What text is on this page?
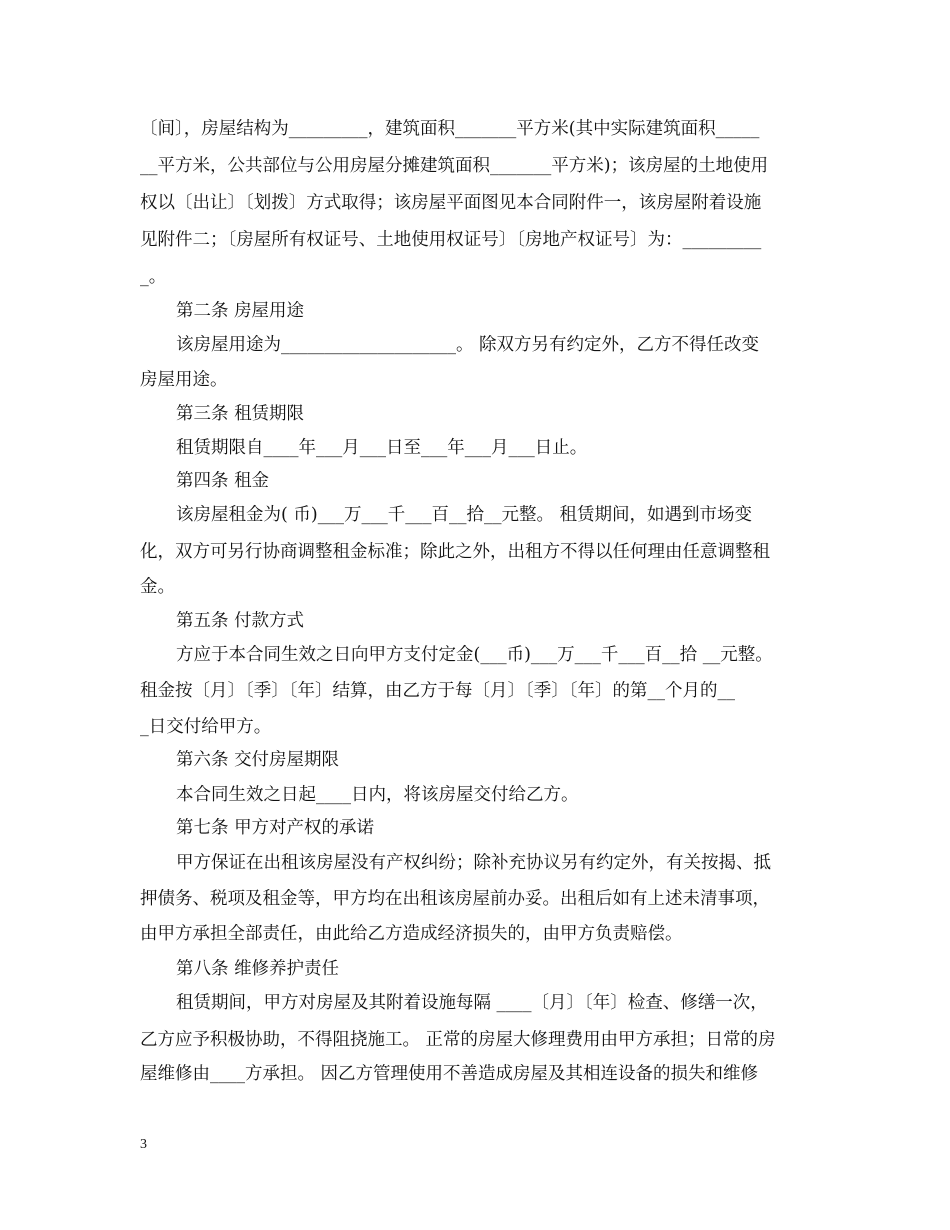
〔间〕，房屋结构为_________，建筑面积_______平方米(其中实际建筑面积_____
__平方米，公共部位与公用房屋分摊建筑面积_______平方米)；该房屋的土地使用
权以〔出让〕〔划拨〕方式取得；该房屋平面图见本合同附件一，该房屋附着设施
见附件二；〔房屋所有权证号、土地使用权证号〕〔房地产权证号〕为：_________
_。
第二条 房屋用途
该房屋用途为____________________。 除双方另有约定外，乙方不得任改变
房屋用途。
第三条 租赁期限
租赁期限自____年___月___日至___年___月___日止。
第四条 租金
该房屋租金为( 币)___万___千___百__拾__元整。 租赁期间，如遇到市场变
化，双方可另行协商调整租金标准；除此之外，出租方不得以任何理由任意调整租
金。
第五条 付款方式
方应于本合同生效之日向甲方支付定金(___币)___万___千___百__拾 __元整。
租金按〔月〕〔季〕〔年〕结算，由乙方于每〔月〕〔季〕〔年〕的第__个月的__
_日交付给甲方。
第六条 交付房屋期限
本合同生效之日起____日内，将该房屋交付给乙方。
第七条 甲方对产权的承诺
甲方保证在出租该房屋没有产权纠纷；除补充协议另有约定外，有关按揭、抵
押债务、税项及租金等，甲方均在出租该房屋前办妥。出租后如有上述未清事项，
由甲方承担全部责任，由此给乙方造成经济损失的，由甲方负责赔偿。
第八条 维修养护责任
租赁期间，甲方对房屋及其附着设施每隔 ____〔月〕〔年〕检查、修缮一次，
乙方应予积极协助，不得阻挠施工。 正常的房屋大修理费用由甲方承担；日常的房
屋维修由____方承担。 因乙方管理使用不善造成房屋及其相连设备的损失和维修
3
